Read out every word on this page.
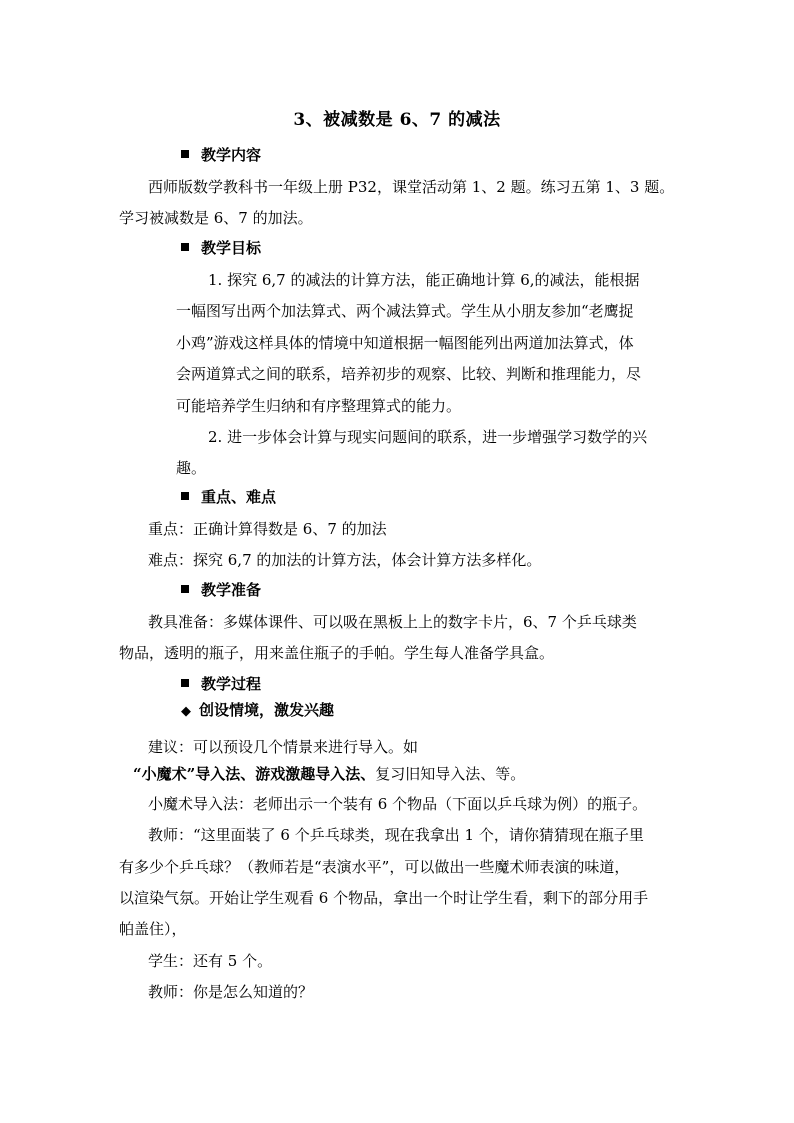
3、被减数是 6、7 的减法
教学内容
西师版数学教科书一年级上册 P32，课堂活动第 1、2 题。练习五第 1、3 题。
学习被减数是 6、7 的加法。
教学目标
1. 探究 6,7 的减法的计算方法，能正确地计算 6,的减法，能根据
一幅图写出两个加法算式、两个减法算式。学生从小朋友参加“老鹰捉
小鸡”游戏这样具体的情境中知道根据一幅图能列出两道加法算式，体
会两道算式之间的联系，培养初步的观察、比较、判断和推理能力，尽
可能培养学生归纳和有序整理算式的能力。
2. 进一步体会计算与现实问题间的联系，进一步增强学习数学的兴
趣。
重点、难点
重点：正确计算得数是 6、7 的加法
难点：探究 6,7 的加法的计算方法，体会计算方法多样化。
教学准备
教具准备：多媒体课件、可以吸在黑板上上的数字卡片，6、7 个乒乓球类
物品，透明的瓶子，用来盖住瓶子的手帕。学生每人准备学具盒。
教学过程
◆ 创设情境，激发兴趣
建议：可以预设几个情景来进行导入。如
“小魔术”导入法、游戏激趣导入法、复习旧知导入法、等。
小魔术导入法：老师出示一个装有 6 个物品（下面以乒乓球为例）的瓶子。
教师：“这里面装了 6 个乒乓球类，现在我拿出 1 个，请你猜猜现在瓶子里
有多少个乒乓球？（教师若是“表演水平”，可以做出一些魔术师表演的味道，
以渲染气氛。开始让学生观看 6 个物品，拿出一个时让学生看，剩下的部分用手
帕盖住），
学生：还有 5 个。
教师：你是怎么知道的？
